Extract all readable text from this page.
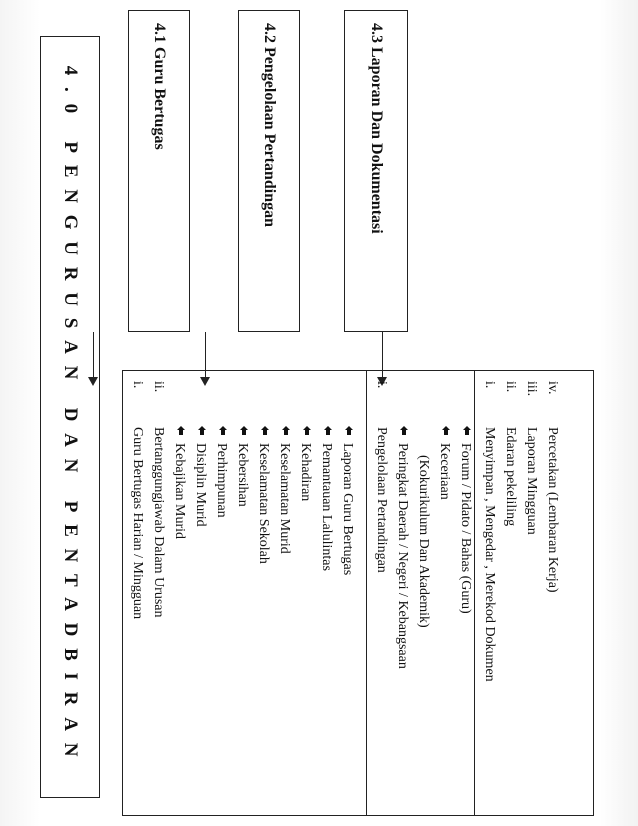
4.0 PENGURUSAN DAN PENTADBIRAN	4.1 Guru Bertugas	4.2 Pengelolaan Pertandingan	4.3 Laporan Dan Dokumentasi
i.
Guru Bertugas Harian / Mingguan
ii.
Bertanggungjawab Dalam Urusan Kebajikan Murid Disiplin Murid Perhimpunan Kebersihan Keselamatan Sekolah Keselamatan Murid Kehadiran Pemantauan Lalulintas Laporan Guru Bertugas
i.
Pengelolaan Pertandingan Peringkat Daerah / Negeri / Kebangsaan (Kokurikulum Dan Akademik) Keceriaan Forum / Pidato / Bahas (Guru)
i.
Menyimpan , Mengedar , Merekod Dokumen
ii.
Edaran pekeliling
iii.
Laporan Mingguan
iv.
Percetakan (Lembaran Kerja)
